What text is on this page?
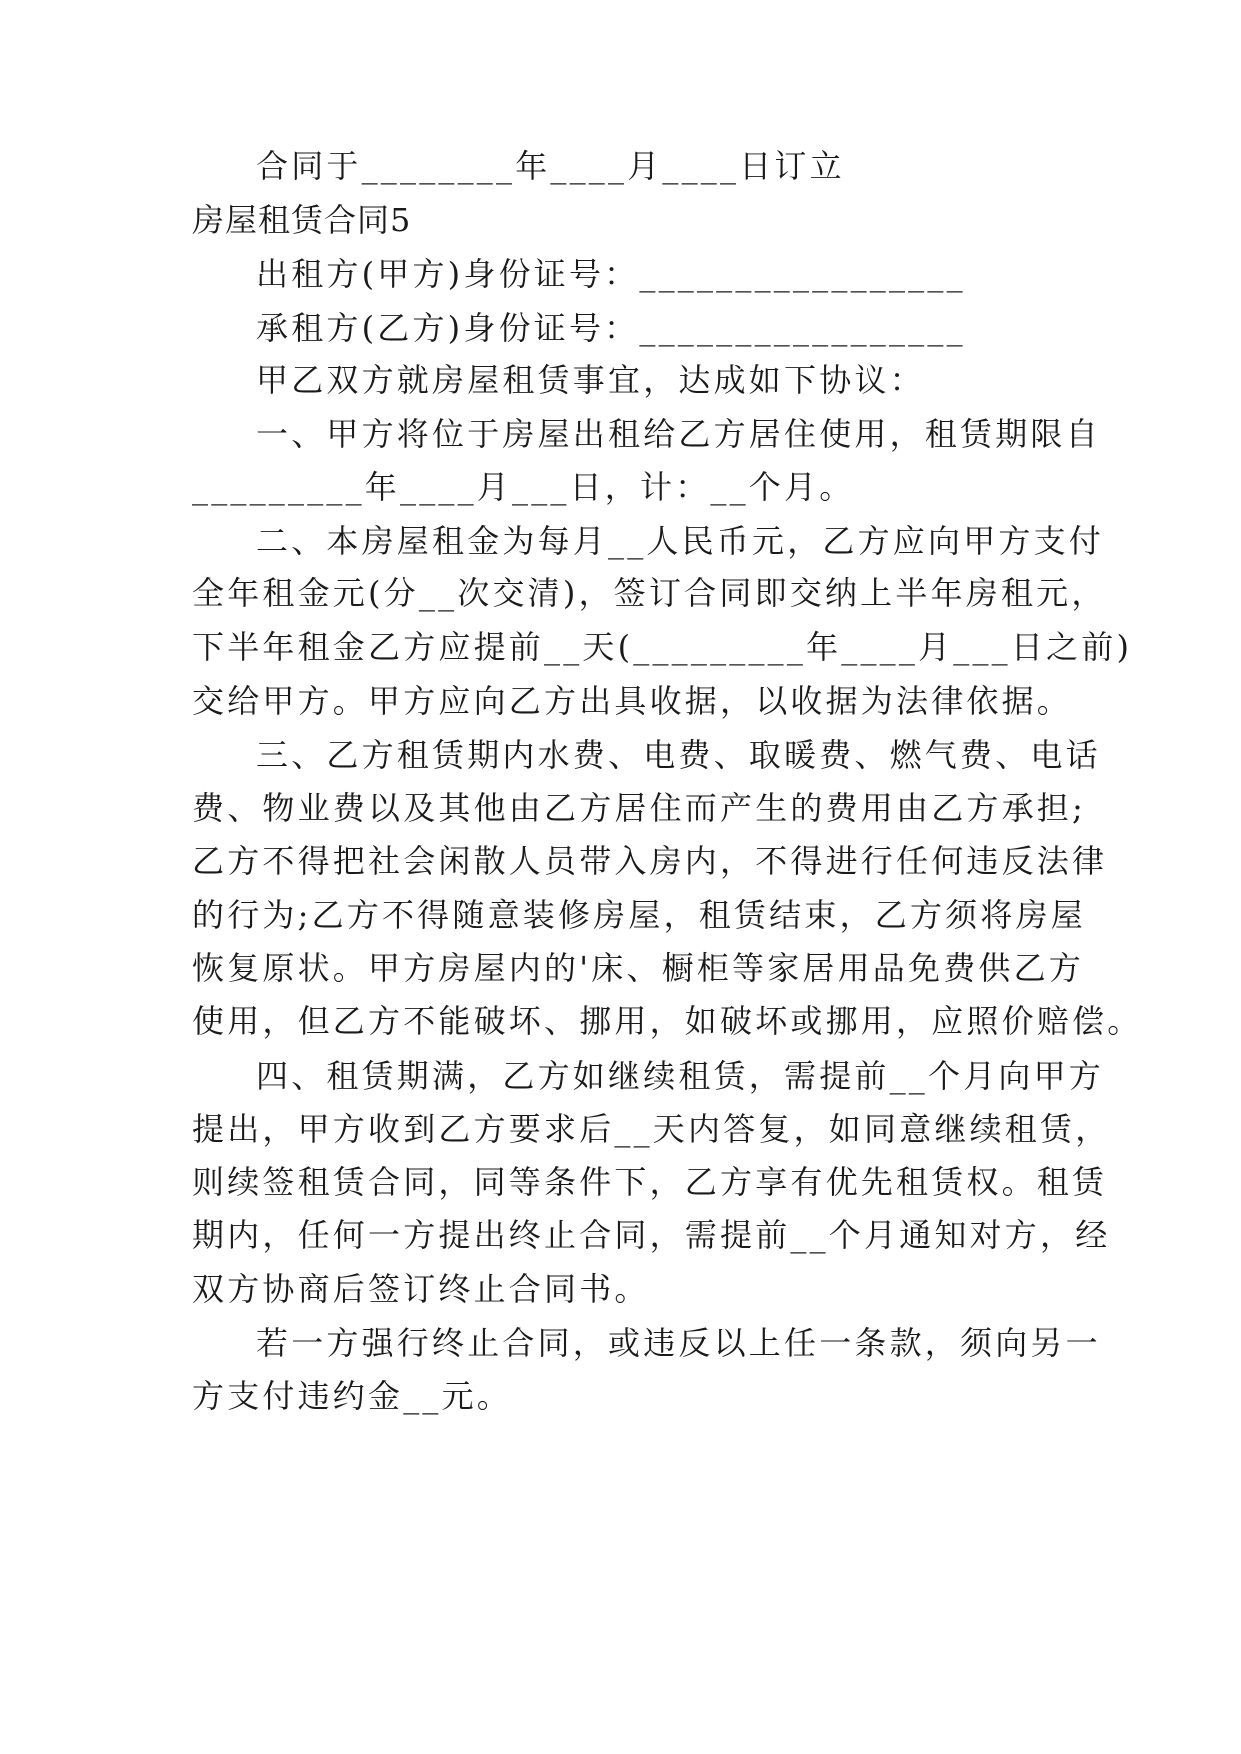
合同于________年____月____日订立
房屋租赁合同5
出租方(甲方)身份证号：_________________
承租方(乙方)身份证号：_________________
甲乙双方就房屋租赁事宜，达成如下协议：
一、甲方将位于房屋出租给乙方居住使用，租赁期限自
_________年____月___日，计：__个月。
二、本房屋租金为每月__人民币元，乙方应向甲方支付
全年租金元(分__次交清)，签订合同即交纳上半年房租元，
下半年租金乙方应提前__天(_________年____月___日之前)
交给甲方。甲方应向乙方出具收据，以收据为法律依据。
三、乙方租赁期内水费、电费、取暖费、燃气费、电话
费、物业费以及其他由乙方居住而产生的费用由乙方承担;
乙方不得把社会闲散人员带入房内，不得进行任何违反法律
的行为;乙方不得随意装修房屋，租赁结束，乙方须将房屋
恢复原状。甲方房屋内的'床、橱柜等家居用品免费供乙方
使用，但乙方不能破坏、挪用，如破坏或挪用，应照价赔偿。
四、租赁期满，乙方如继续租赁，需提前__个月向甲方
提出，甲方收到乙方要求后__天内答复，如同意继续租赁，
则续签租赁合同，同等条件下，乙方享有优先租赁权。租赁
期内，任何一方提出终止合同，需提前__个月通知对方，经
双方协商后签订终止合同书。
若一方强行终止合同，或违反以上任一条款，须向另一
方支付违约金__元。
